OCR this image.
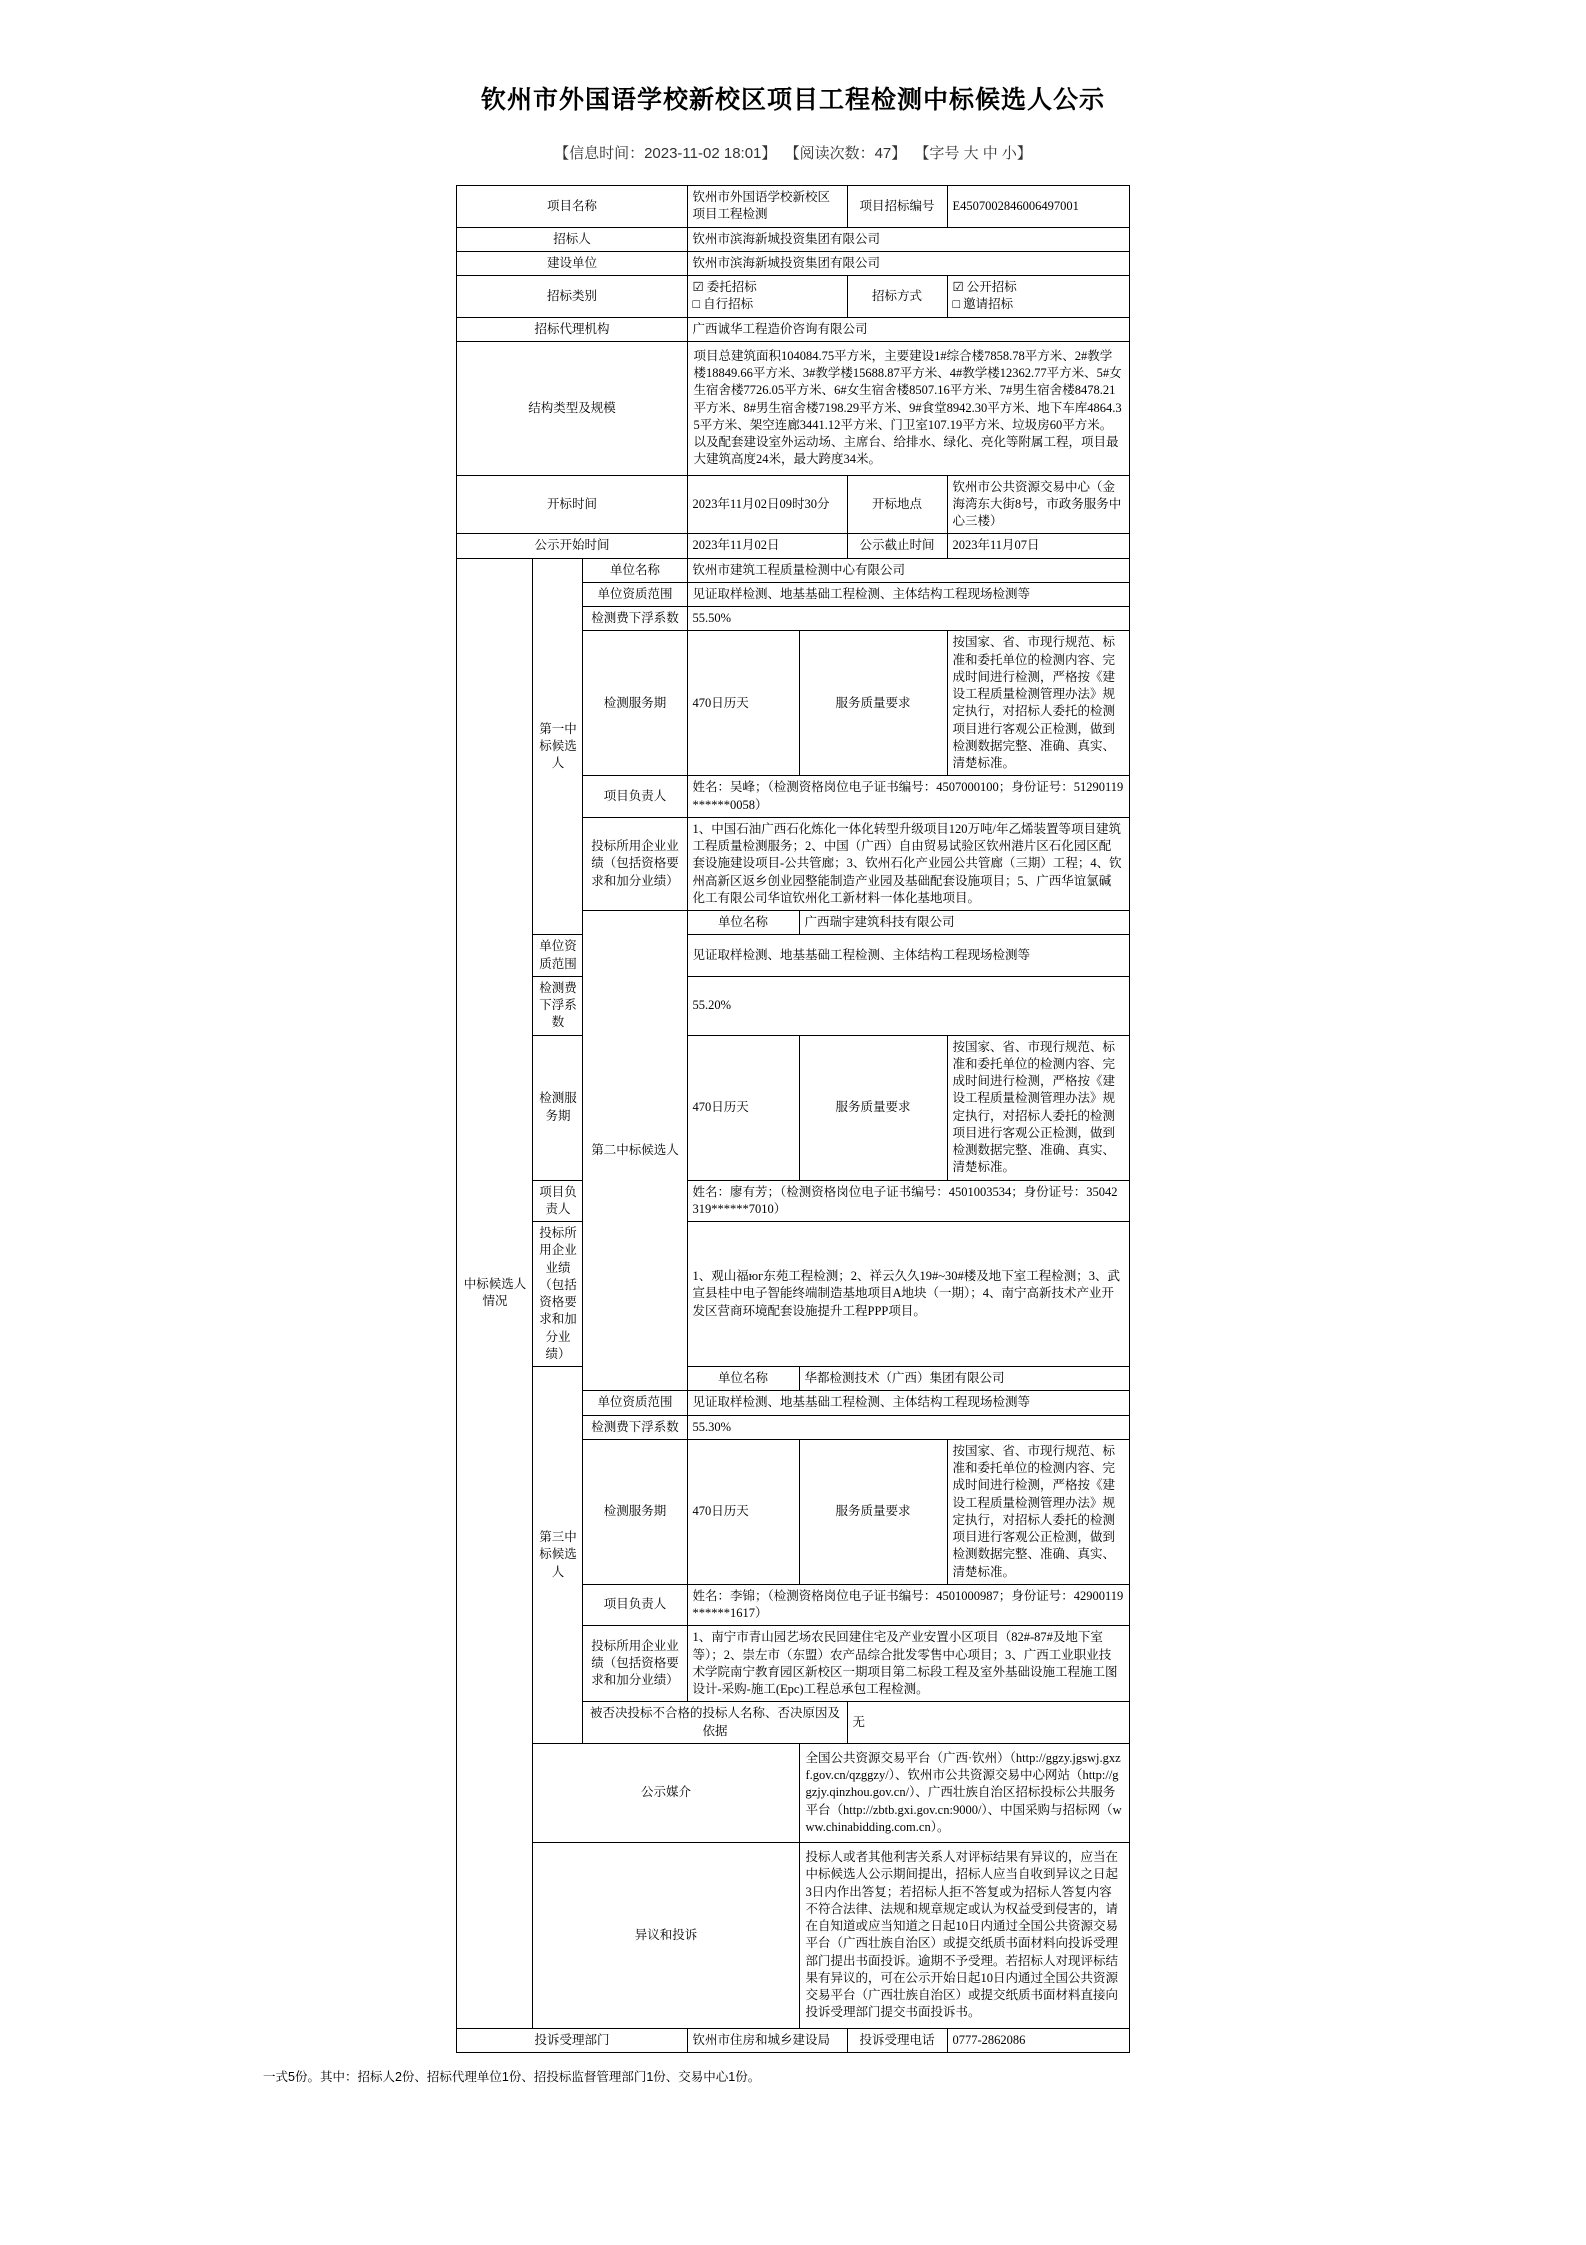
钦州市外国语学校新校区项目工程检测中标候选人公示
【信息时间：2023-11-02 18:01】 【阅读次数：47】 【字号 大 中 小】
项目名称			钦州市外国语学校新校区项目工程检测		项目招标编号	E4507002846006497001
招标人			钦州市滨海新城投资集团有限公司			
建设单位			钦州市滨海新城投资集团有限公司			
招标类别			☑ 委托招标 □ 自行招标		招标方式	☑ 公开招标 □ 邀请招标
招标代理机构			广西诚华工程造价咨询有限公司			
结构类型及规模			项目总建筑面积104084.75平方米，主要建设1#综合楼7858.78平方米、2#教学楼18849.66平方米、3#教学楼15688.87平方米、4#教学楼12362.77平方米、5#女生宿舍楼7726.05平方米、6#女生宿舍楼8507.16平方米、7#男生宿舍楼8478.21平方米、8#男生宿舍楼7198.29平方米、9#食堂8942.30平方米、地下车库4864.35平方米、架空连廊3441.12平方米、门卫室107.19平方米、垃圾房60平方米。以及配套建设室外运动场、主席台、给排水、绿化、亮化等附属工程，项目最大建筑高度24米，最大跨度34米。			
开标时间			2023年11月02日09时30分		开标地点	钦州市公共资源交易中心（金海湾东大街8号，市政务服务中心三楼）
公示开始时间			2023年11月02日		公示截止时间	2023年11月07日
中标候选人情况	第一中标候选人	单位名称	钦州市建筑工程质量检测中心有限公司			
		单位资质范围	见证取样检测、地基基础工程检测、主体结构工程现场检测等			
		检测费下浮系数	55.50%			
		检测服务期	470日历天	服务质量要求		按国家、省、市现行规范、标准和委托单位的检测内容、完成时间进行检测，严格按《建设工程质量检测管理办法》规定执行，对招标人委托的检测项目进行客观公正检测，做到检测数据完整、准确、真实、清楚标准。
		项目负责人	姓名：吴峰；（检测资格岗位电子证书编号：4507000100；身份证号：51290119******0058）			
		投标所用企业业绩（包括资格要求和加分业绩）	1、中国石油广西石化炼化一体化转型升级项目120万吨/年乙烯装置等项目建筑工程质量检测服务；2、中国（广西）自由贸易试验区钦州港片区石化园区配套设施建设项目-公共管廊；3、钦州石化产业园公共管廊（三期）工程；4、钦州高新区返乡创业园整能制造产业园及基础配套设施项目；5、广西华谊氯碱化工有限公司华谊钦州化工新材料一体化基地项目。			
		第二中标候选人	单位名称	广西瑞宇建筑科技有限公司		
	单位资质范围		见证取样检测、地基基础工程检测、主体结构工程现场检测等			
	检测费下浮系数		55.20%			
	检测服务期		470日历天	服务质量要求		按国家、省、市现行规范、标准和委托单位的检测内容、完成时间进行检测，严格按《建设工程质量检测管理办法》规定执行，对招标人委托的检测项目进行客观公正检测，做到检测数据完整、准确、真实、清楚标准。
	项目负责人		姓名：廖有芳；（检测资格岗位电子证书编号：4501003534；身份证号：35042319******7010）			
	投标所用企业业绩（包括资格要求和加分业绩）		1、观山福юг东苑工程检测；2、祥云久久19#~30#楼及地下室工程检测；3、武宣县桂中电子智能终端制造基地项目A地块（一期）；4、南宁高新技术产业开发区营商环境配套设施提升工程PPP项目。			
	第三中标候选人		单位名称	华都检测技术（广西）集团有限公司		
		单位资质范围	见证取样检测、地基基础工程检测、主体结构工程现场检测等			
		检测费下浮系数	55.30%			
		检测服务期	470日历天	服务质量要求		按国家、省、市现行规范、标准和委托单位的检测内容、完成时间进行检测，严格按《建设工程质量检测管理办法》规定执行，对招标人委托的检测项目进行客观公正检测，做到检测数据完整、准确、真实、清楚标准。
		项目负责人	姓名：李锦；（检测资格岗位电子证书编号：4501000987；身份证号：42900119******1617）			
		投标所用企业业绩（包括资格要求和加分业绩）	1、南宁市青山园艺场农民回建住宅及产业安置小区项目（82#-87#及地下室等）；2、崇左市（东盟）农产品综合批发零售中心项目；3、广西工业职业技术学院南宁教育园区新校区一期项目第二标段工程及室外基础设施工程施工图设计-采购-施工(Epc)工程总承包工程检测。			
		被否决投标不合格的投标人名称、否决原因及依据			无	
	公示媒介			全国公共资源交易平台（广西·钦州）（http://ggzy.jgswj.gxzf.gov.cn/qzggzy/）、钦州市公共资源交易中心网站（http://ggzjy.qinzhou.gov.cn/）、广西壮族自治区招标投标公共服务平台（http://zbtb.gxi.gov.cn:9000/）、中国采购与招标网（www.chinabidding.com.cn）。		
	异议和投诉			投标人或者其他利害关系人对评标结果有异议的，应当在中标候选人公示期间提出，招标人应当自收到异议之日起3日内作出答复；若招标人拒不答复或为招标人答复内容不符合法律、法规和规章规定或认为权益受到侵害的，请在自知道或应当知道之日起10日内通过全国公共资源交易平台（广西壮族自治区）或提交纸质书面材料向投诉受理部门提出书面投诉。逾期不予受理。若招标人对现评标结果有异议的，可在公示开始日起10日内通过全国公共资源交易平台（广西壮族自治区）或提交纸质书面材料直接向投诉受理部门提交书面投诉书。		
投诉受理部门			钦州市住房和城乡建设局		投诉受理电话	0777-2862086
一式5份。其中：招标人2份、招标代理单位1份、招投标监督管理部门1份、交易中心1份。
